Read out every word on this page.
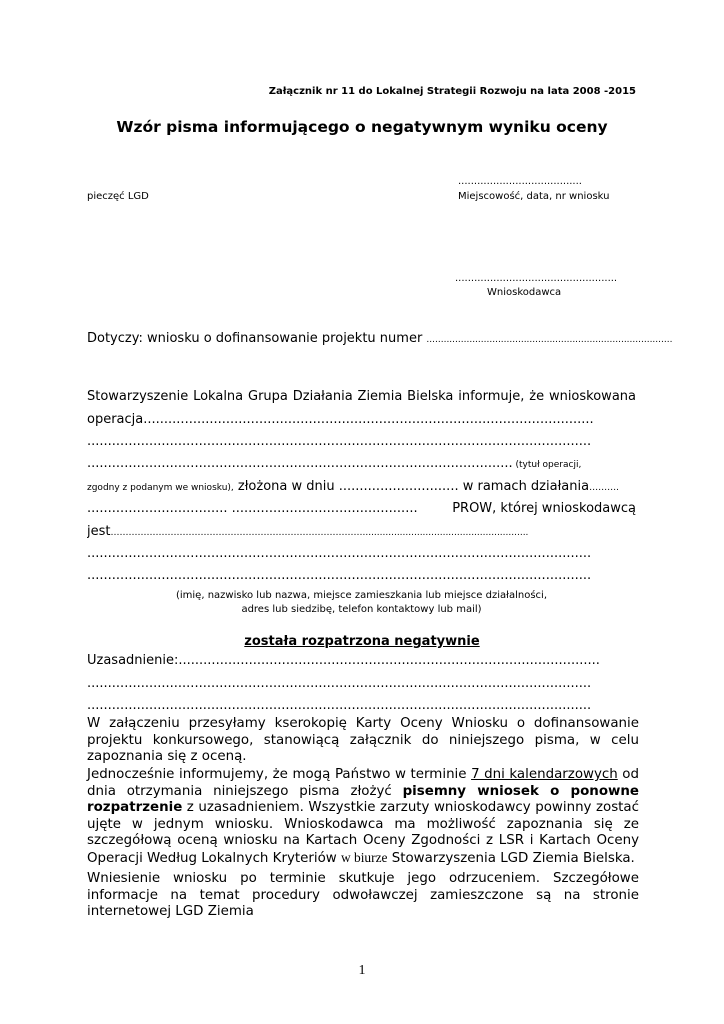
Załącznik nr 11 do Lokalnej Strategii Rozwoju na lata 2008 -2015
Wzór pisma informującego o negatywnym wyniku oceny
.......................................
pieczęć LGD	Miejscowość, data, nr wniosku
...................................................
Wnioskodawca
Dotyczy: wniosku o dofinansowanie projektu numer ......................................................................................
Stowarzyszenie Lokalna Grupa Działania Ziemia Bielska informuje, że wnioskowana
operacja.............................................................................................................
..........................................................................................................................
....................................................................................................... (tytuł operacji,
zgodny z podanym we wniosku), złożona w dniu ............................. w ramach działania……….
.................................. .............................................	PROW, której wnioskodawcą
jest…………………………………………………………………………..........................................................
..........................................................................................................................
..........................................................................................................................
(imię, nazwisko lub nazwa, miejsce zamieszkania lub miejsce działalności,
adres lub siedzibę, telefon kontaktowy lub mail)
została rozpatrzona negatywnie
Uzasadnienie:......................................................................................................
..........................................................................................................................
..........................................................................................................................
W załączeniu przesyłamy kserokopię Karty Oceny Wniosku o dofinansowanie projektu konkursowego, stanowiącą załącznik do niniejszego pisma, w celu zapoznania się z oceną.
Jednocześnie informujemy, że mogą Państwo w terminie 7 dni kalendarzowych od dnia otrzymania niniejszego pisma złożyć pisemny wniosek o ponowne rozpatrzenie z uzasadnieniem. Wszystkie zarzuty wnioskodawcy powinny zostać ujęte w jednym wniosku. Wnioskodawca ma możliwość zapoznania się ze szczegółową oceną wniosku na Kartach Oceny Zgodności z LSR i Kartach Oceny Operacji Według Lokalnych Kryteriów w biurze Stowarzyszenia LGD Ziemia Bielska.
Wniesienie wniosku po terminie skutkuje jego odrzuceniem. Szczegółowe informacje na temat procedury odwoławczej zamieszczone są na stronie internetowej LGD Ziemia
1
